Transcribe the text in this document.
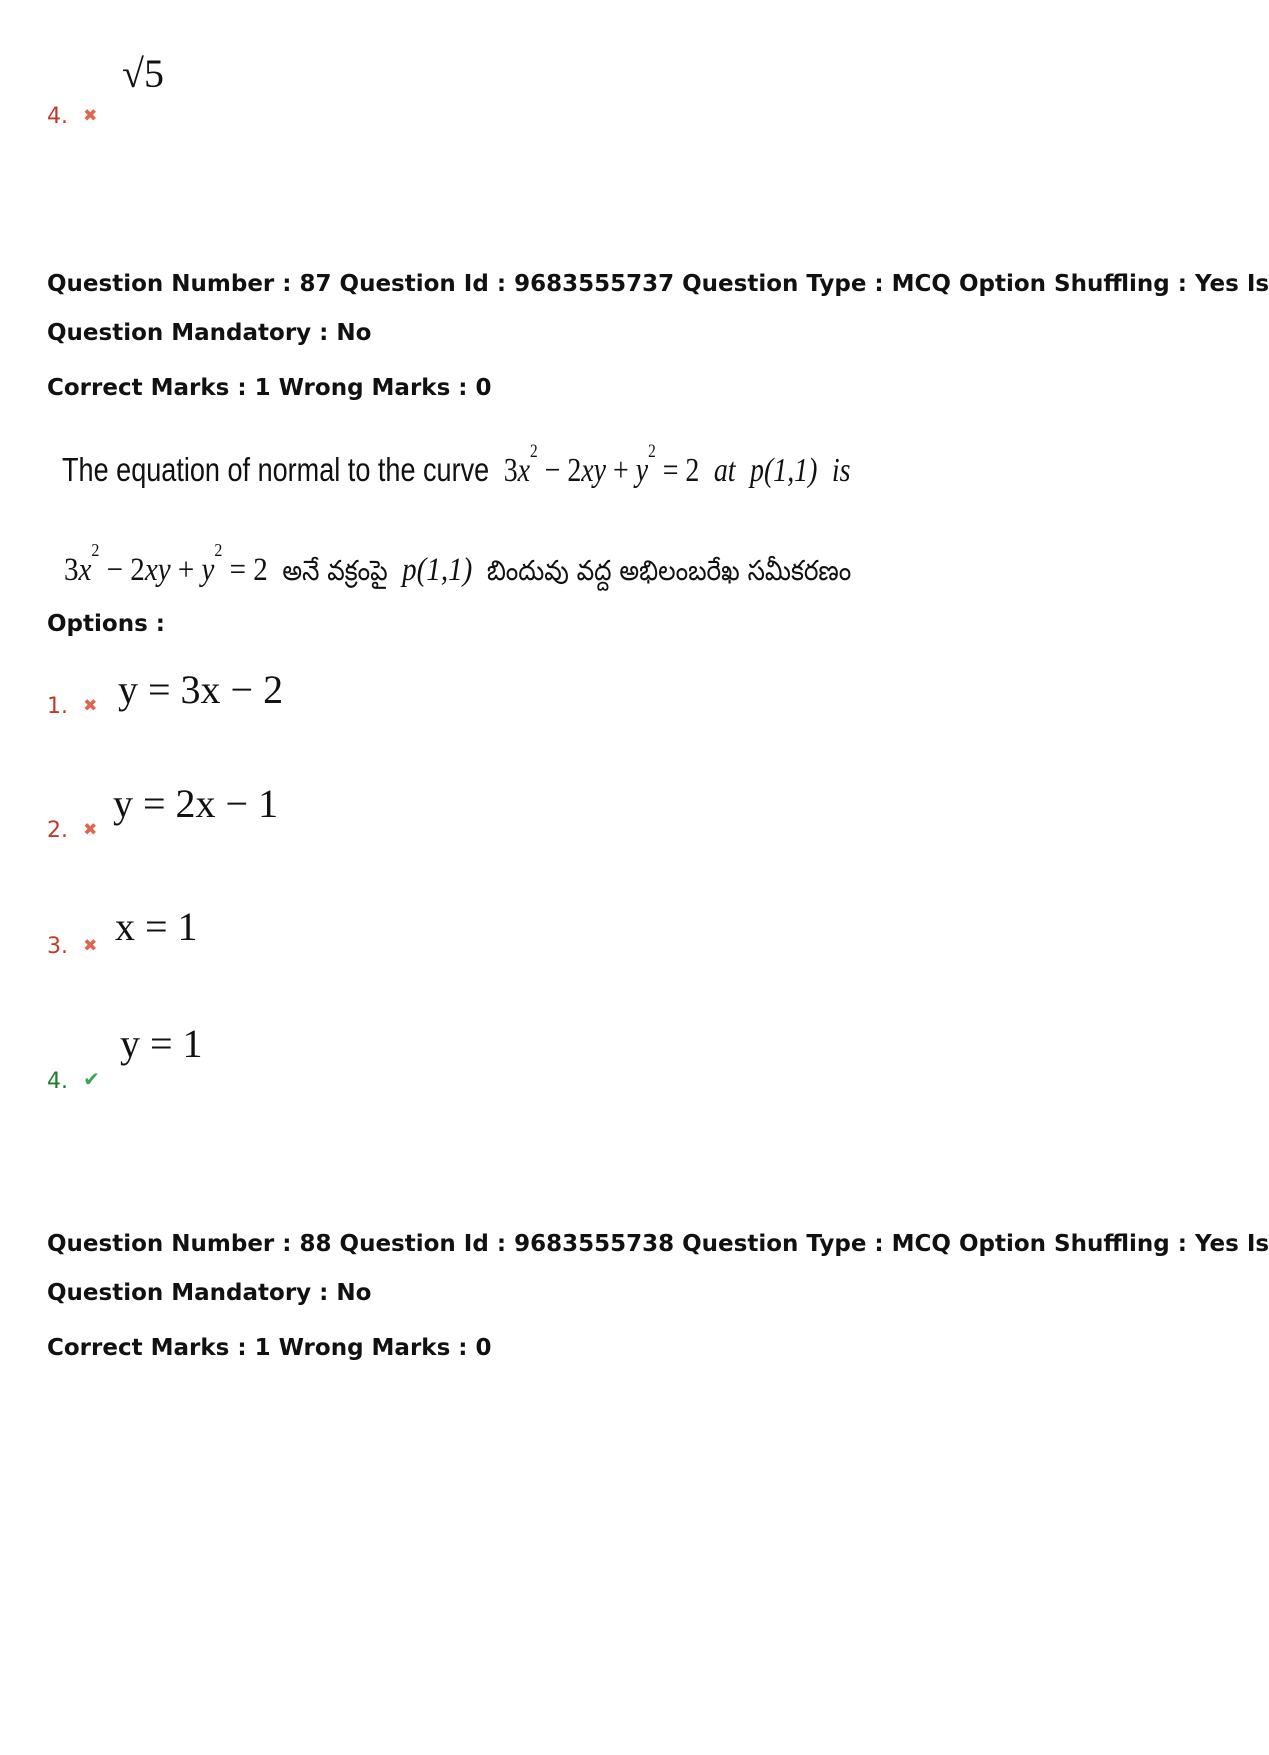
√5
4. ✖
Question Number : 87 Question Id : 9683555737 Question Type : MCQ Option Shuffling : Yes Is
Question Mandatory : No
Correct Marks : 1 Wrong Marks : 0
The equation of normal to the curve  $3x^2 - 2xy + y^2 = 2$  at p(1,1) is
$3x^2 - 2xy + y^2 = 2$  అనే వక్రంపై p(1,1) బిందువు వద్ద అభిలంబరేఖ సమీకరణం
Options :
y = 3x − 2
1. ✖
y = 2x − 1
2. ✖
x = 1
3. ✖
y = 1
4. ✔
Question Number : 88 Question Id : 9683555738 Question Type : MCQ Option Shuffling : Yes Is
Question Mandatory : No
Correct Marks : 1 Wrong Marks : 0
